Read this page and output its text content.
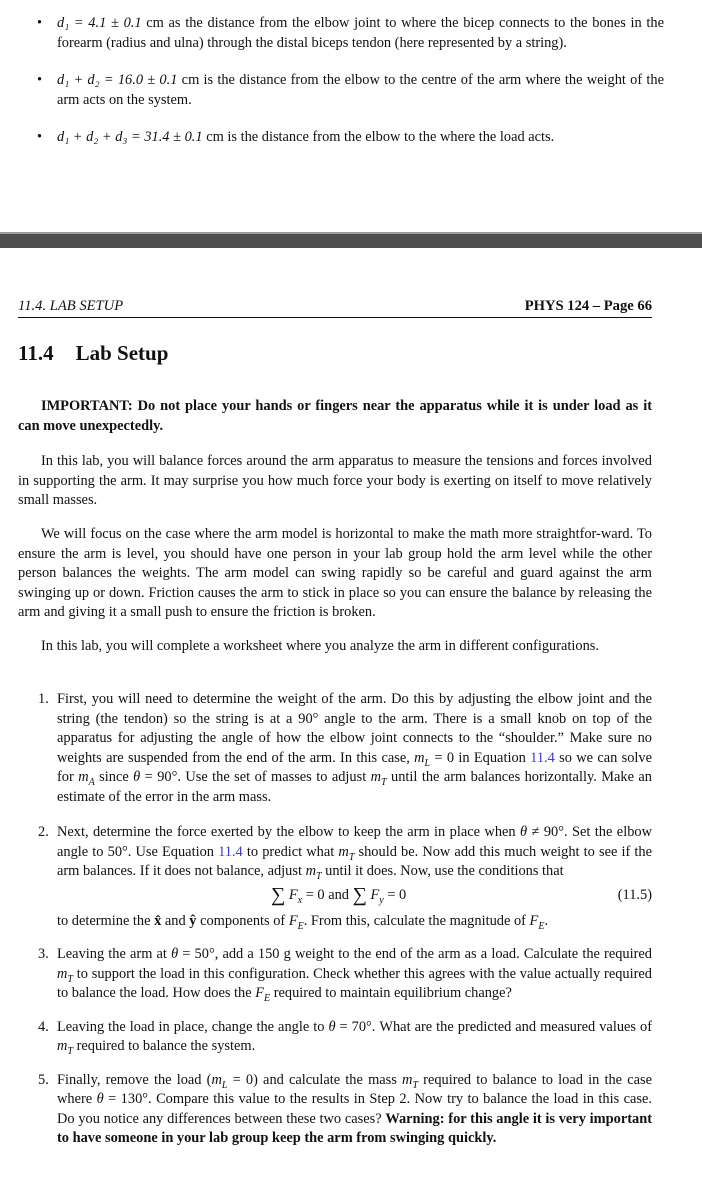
• d₁ = 4.1 ± 0.1 cm as the distance from the elbow joint to where the bicep connects to the bones in the forearm (radius and ulna) through the distal biceps tendon (here represented by a string).
• d₁ + d₂ = 16.0 ± 0.1 cm is the distance from the elbow to the centre of the arm where the weight of the arm acts on the system.
• d₁ + d₂ + d₃ = 31.4 ± 0.1 cm is the distance from the elbow to the where the load acts.
11.4. LAB SETUP	PHYS 124 – Page 66
11.4 Lab Setup
IMPORTANT: Do not place your hands or fingers near the apparatus while it is under load as it can move unexpectedly.
In this lab, you will balance forces around the arm apparatus to measure the tensions and forces involved in supporting the arm. It may surprise you how much force your body is exerting on itself to move relatively small masses.
We will focus on the case where the arm model is horizontal to make the math more straightfor-ward. To ensure the arm is level, you should have one person in your lab group hold the arm level while the other person balances the weights. The arm model can swing rapidly so be careful and guard against the arm swinging up or down. Friction causes the arm to stick in place so you can ensure the balance by releasing the arm and giving it a small push to ensure the friction is broken.
In this lab, you will complete a worksheet where you analyze the arm in different configurations.
1. First, you will need to determine the weight of the arm. Do this by adjusting the elbow joint and the string (the tendon) so the string is at a 90° angle to the arm. There is a small knob on top of the apparatus for adjusting the angle of how the elbow joint connects to the “shoulder.” Make sure no weights are suspended from the end of the arm. In this case, $m_L = 0$ in Equation 11.4 so we can solve for $m_A$ since θ = 90°. Use the set of masses to adjust $m_T$ until the arm balances horizontally. Make an estimate of the error in the arm mass.
2. Next, determine the force exerted by the elbow to keep the arm in place when θ ≠ 90°. Set the elbow angle to 50°. Use Equation 11.4 to predict what $m_T$ should be. Now add this much weight to see if the arm balances. If it does not balance, adjust $m_T$ until it does. Now, use the conditions that
∑ $F_x = 0$ and ∑ $F_y = 0$	(11.5)
to determine the x̂ and ŷ components of $F_E$. From this, calculate the magnitude of $F_E$.
3. Leaving the arm at θ = 50°, add a 150 g weight to the end of the arm as a load. Calculate the required $m_T$ to support the load in this configuration. Check whether this agrees with the value actually required to balance the load. How does the $F_E$ required to maintain equilibrium change?
4. Leaving the load in place, change the angle to θ = 70°. What are the predicted and measured values of $m_T$ required to balance the system.
5. Finally, remove the load $(m_L = 0)$ and calculate the mass $m_T$ required to balance to load in the case where θ = 130°. Compare this value to the results in Step 2. Now try to balance the load in this case. Do you notice any differences between these two cases? Warning: for this angle it is very important to have someone in your lab group keep the arm from swinging quickly.
